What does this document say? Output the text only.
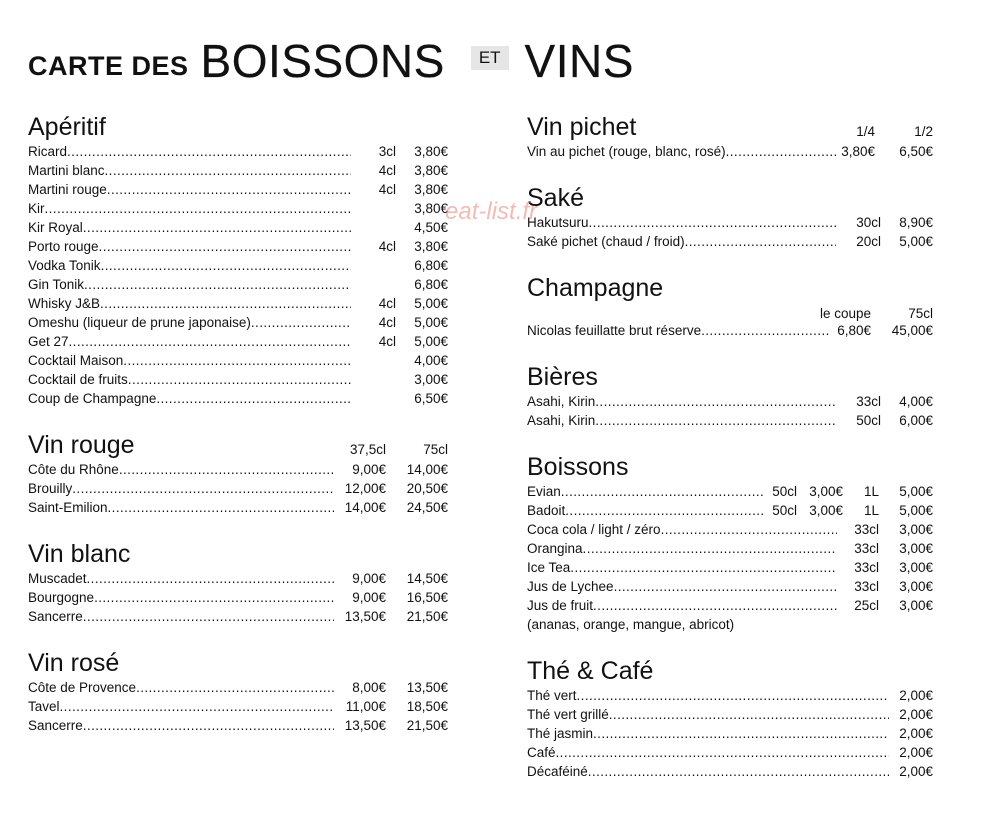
CARTE DES BOISSONS	ET VINS
Apéritif
Ricard .....	3cl	3,80€
Martini blanc .....	4cl	3,80€
Martini rouge .....	4cl	3,80€
Kir .....	3,80€
Kir Royal .....	4,50€
Porto rouge .....	4cl	3,80€
Vodka Tonik .....	6,80€
Gin Tonik .....	6,80€
Whisky J&B .....	4cl	5,00€
Omeshu (liqueur de prune japonaise) .....	4cl	5,00€
Get 27 .....	4cl	5,00€
Cocktail Maison .....	4,00€
Cocktail de fruits .....	3,00€
Coup de Champagne .....	6,50€
Vin rouge	37,5cl	75cl
Côte du Rhône .....	9,00€	14,00€
Brouilly .....	12,00€	20,50€
Saint-Emilion .....	14,00€	24,50€
Vin blanc
Muscadet .....	9,00€	14,50€
Bourgogne .....	9,00€	16,50€
Sancerre .....	13,50€	21,50€
Vin rosé
Côte de Provence .....	8,00€	13,50€
Tavel .....	11,00€	18,50€
Sancerre .....	13,50€	21,50€
Vin pichet	1/4	1/2
Vin au pichet (rouge, blanc, rosé) .....	3,80€	6,50€
Saké
Hakutsuru .....	30cl	8,90€
Saké pichet (chaud / froid) .....	20cl	5,00€
Champagne
le coupe	75cl
Nicolas feuillatte brut réserve .....	6,80€	45,00€
Bières
Asahi, Kirin .....	33cl	4,00€
Asahi, Kirin .....	50cl	6,00€
Boissons
Evian .....	50cl 3,00€	1L	5,00€
Badoit .....	50cl 3,00€	1L	5,00€
Coca cola / light / zéro .....	33cl	3,00€
Orangina .....	33cl	3,00€
Ice Tea .....	33cl	3,00€
Jus de Lychee .....	33cl	3,00€
Jus de fruit .....	25cl	3,00€
(ananas, orange, mangue, abricot)
Thé & Café
Thé vert .....	2,00€
Thé vert grillé .....	2,00€
Thé jasmin .....	2,00€
Café .....	2,00€
Décaféiné .....	2,00€
eat-list.fr
